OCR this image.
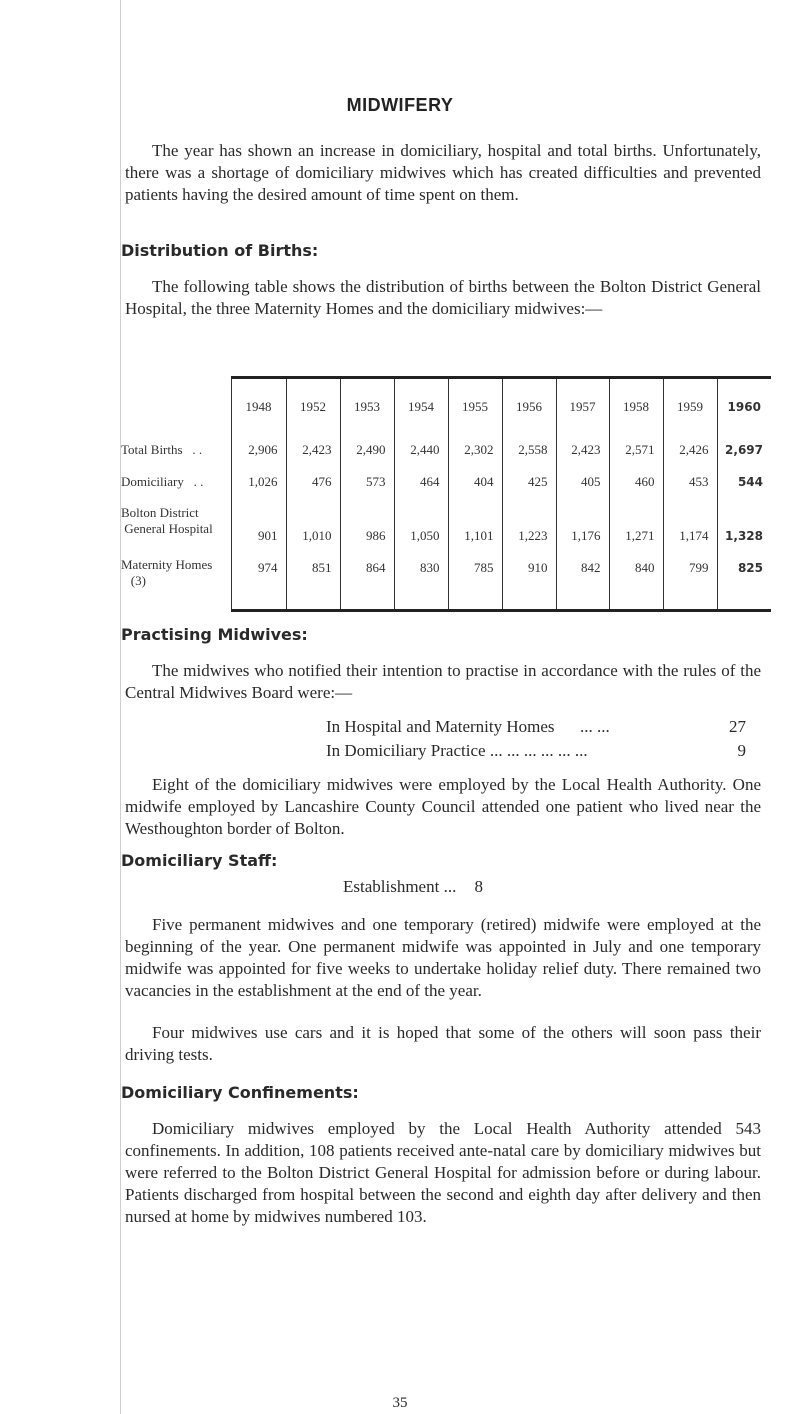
MIDWIFERY

The year has shown an increase in domiciliary, hospital and total births. Unfortunately, there was a shortage of domiciliary midwives which has created difficulties and prevented patients having the desired amount of time spent on them.

Distribution of Births:

The following table shows the distribution of births between the Bolton District General Hospital, the three Maternity Homes and the domiciliary midwives:—

	1948	1952	1953	1954	1955	1956	1957	1958	1959	1960
Total Births . .	2,906	2,423	2,490	2,440	2,302	2,558	2,423	2,571	2,426	2,697
Domiciliary . .	1,026	476	573	464	404	425	405	460	453	544
Bolton District
General Hospital	901	1,010	986	1,050	1,101	1,223	1,176	1,271	1,174	1,328
Maternity Homes
(3)	974	851	864	830	785	910	842	840	799	825
Practising Midwives:

The midwives who notified their intention to practise in accordance with the rules of the Central Midwives Board were:—

In Hospital and Maternity Homes ... ...	27
In Domiciliary Practice ... ... ... ... ... ...	9

Eight of the domiciliary midwives were employed by the Local Health Authority. One midwife employed by Lancashire County Council attended one patient who lived near the Westhoughton border of Bolton.

Domiciliary Staff:
Establishment ... 8

Five permanent midwives and one temporary (retired) midwife were employed at the beginning of the year. One permanent midwife was appointed in July and one temporary midwife was appointed for five weeks to undertake holiday relief duty. There remained two vacancies in the establishment at the end of the year.

Four midwives use cars and it is hoped that some of the others will soon pass their driving tests.

Domiciliary Confinements:

Domiciliary midwives employed by the Local Health Authority attended 543 confinements. In addition, 108 patients received ante-natal care by domiciliary midwives but were referred to the Bolton District General Hospital for admission before or during labour. Patients discharged from hospital between the second and eighth day after delivery and then nursed at home by midwives numbered 103.

35
